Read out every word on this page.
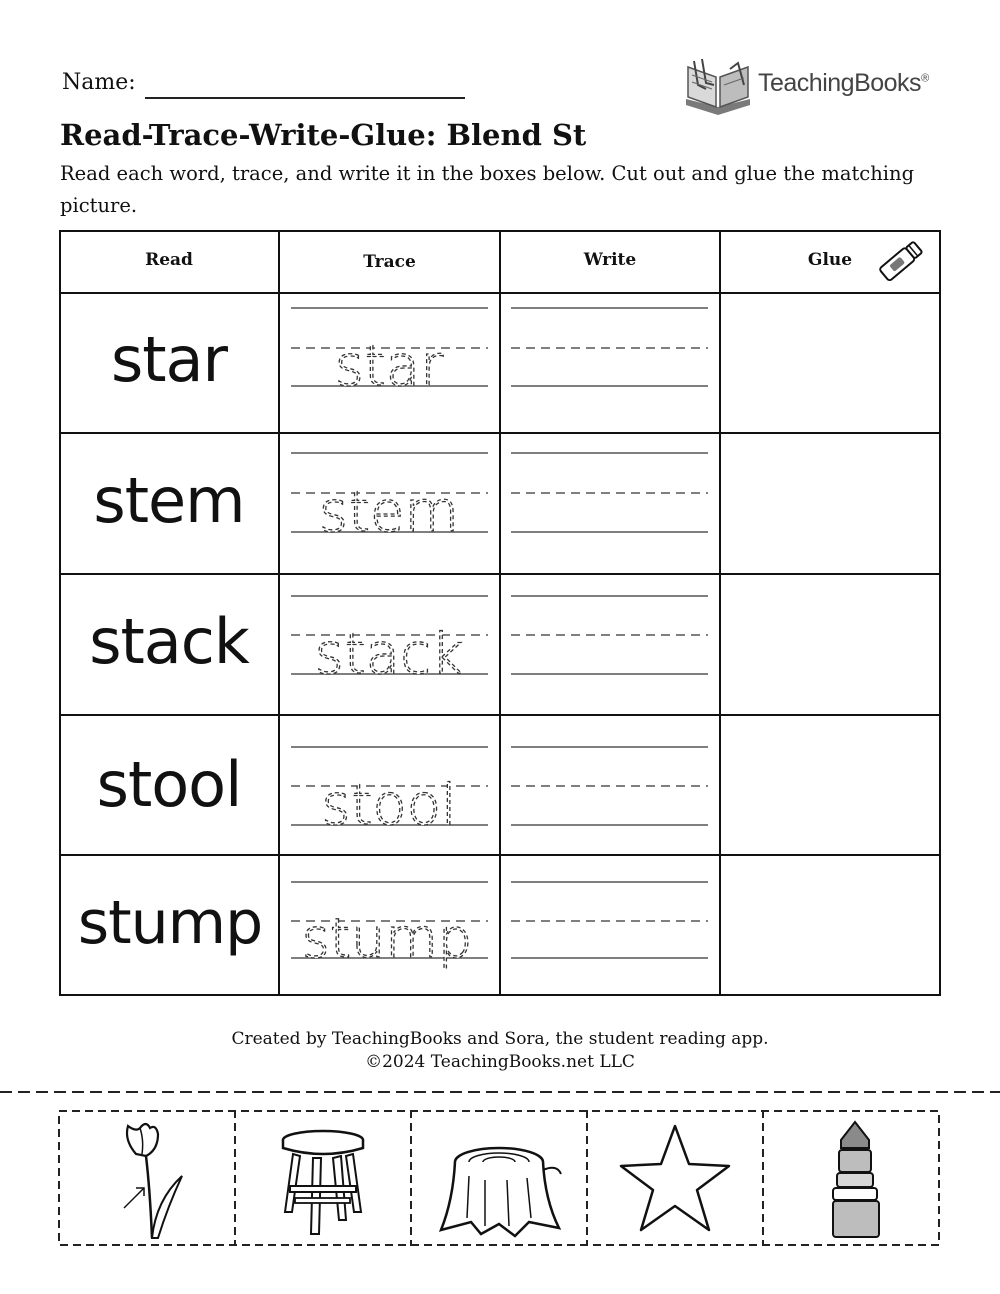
Name:	TeachingBooks®
Read-Trace-Write-Glue: Blend St

Read each word, trace, and write it in the boxes below. Cut out and glue the matching picture.

Read	Trace	Write	Glue
star	star
stem	stem
stack	stack
stool	stool
stump stump
Created by TeachingBooks and Sora, the student reading app.
©2024 TeachingBooks.net LLC
